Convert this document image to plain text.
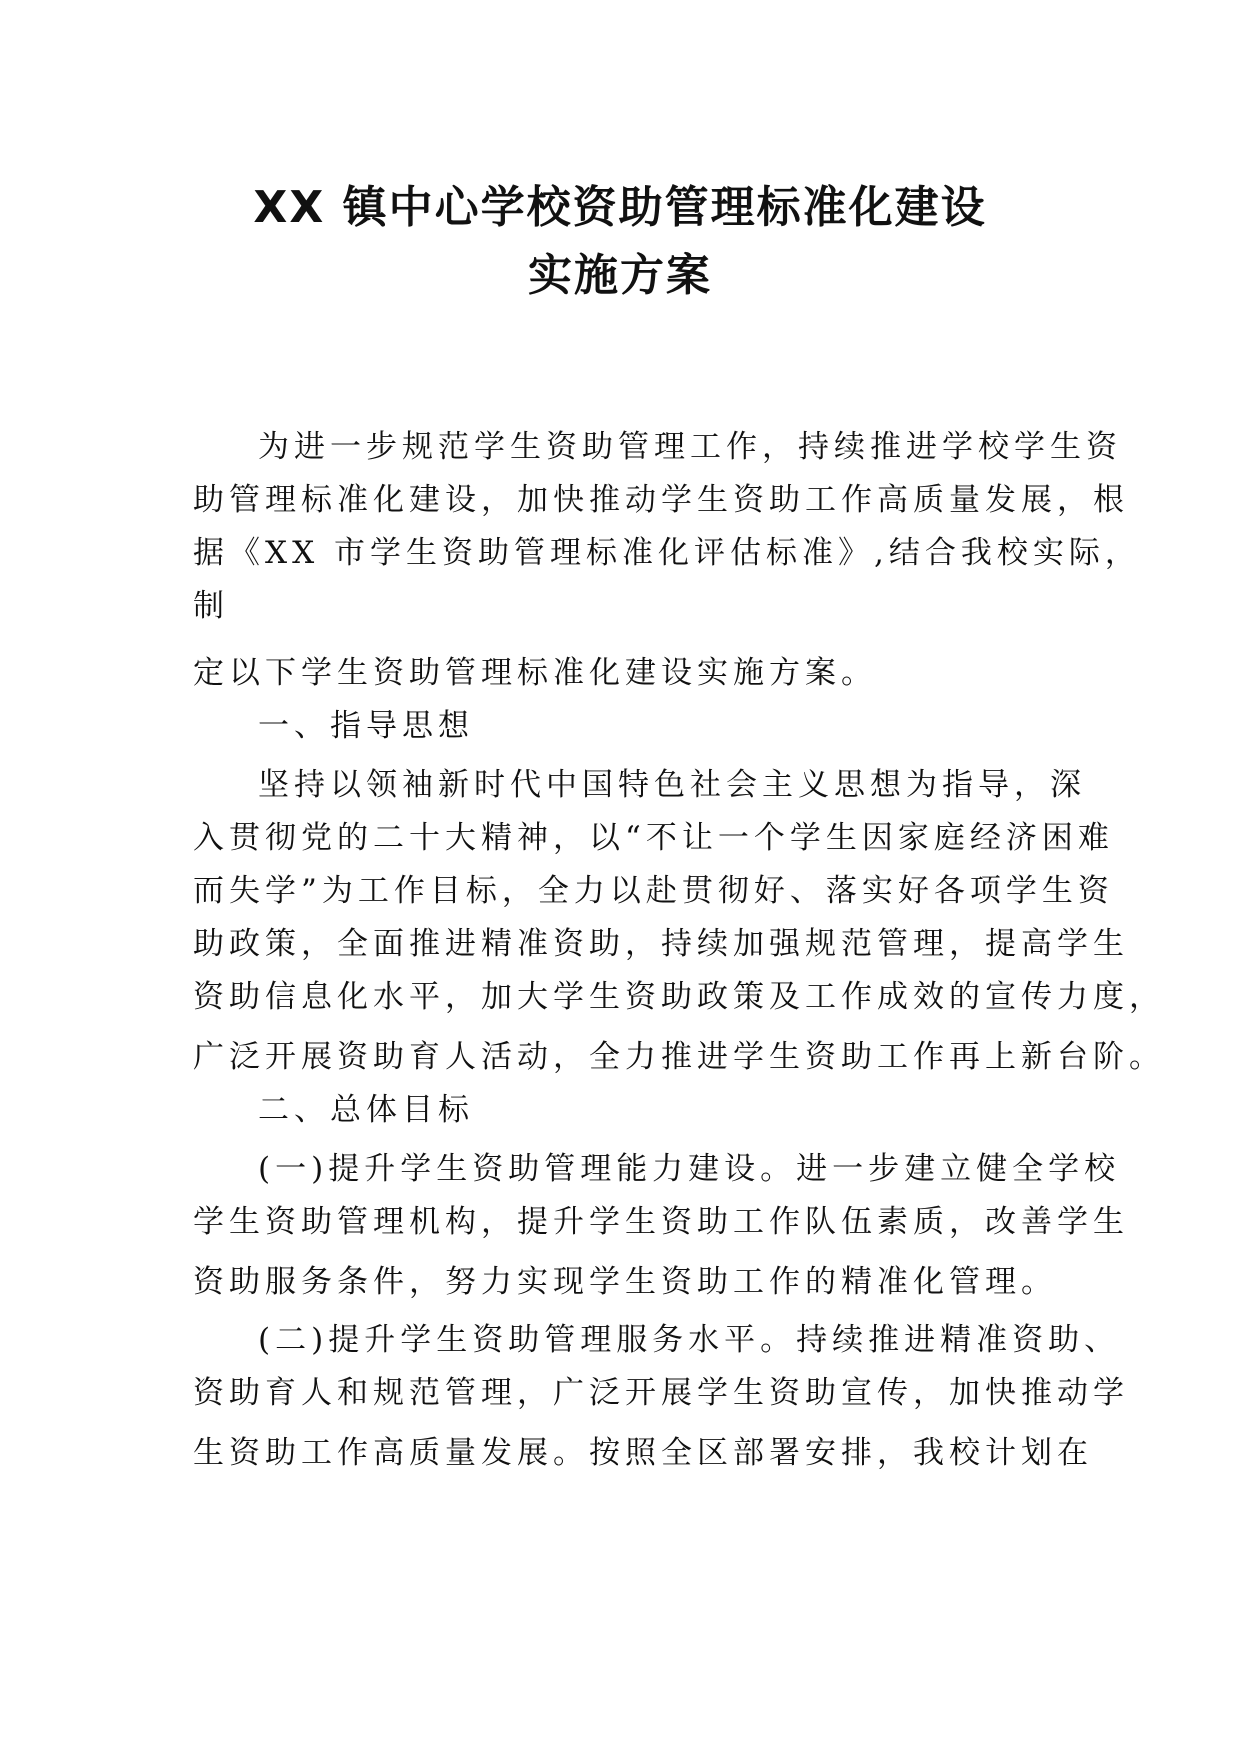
XX 镇中心学校资助管理标准化建设
实施方案
为进一步规范学生资助管理工作，持续推进学校学生资
助管理标准化建设，加快推动学生资助工作高质量发展，根
据《XX 市学生资助管理标准化评估标准》,结合我校实际，
制
定以下学生资助管理标准化建设实施方案。
一、指导思想
坚持以领袖新时代中国特色社会主义思想为指导，深
入贯彻党的二十大精神，以“不让一个学生因家庭经济困难
而失学”为工作目标，全力以赴贯彻好、落实好各项学生资
助政策，全面推进精准资助，持续加强规范管理，提高学生
资助信息化水平，加大学生资助政策及工作成效的宣传力度，
广泛开展资助育人活动，全力推进学生资助工作再上新台阶。
二、总体目标
(一)提升学生资助管理能力建设。进一步建立健全学校
学生资助管理机构，提升学生资助工作队伍素质，改善学生
资助服务条件，努力实现学生资助工作的精准化管理。
(二)提升学生资助管理服务水平。持续推进精准资助、
资助育人和规范管理，广泛开展学生资助宣传，加快推动学
生资助工作高质量发展。按照全区部署安排，我校计划在
